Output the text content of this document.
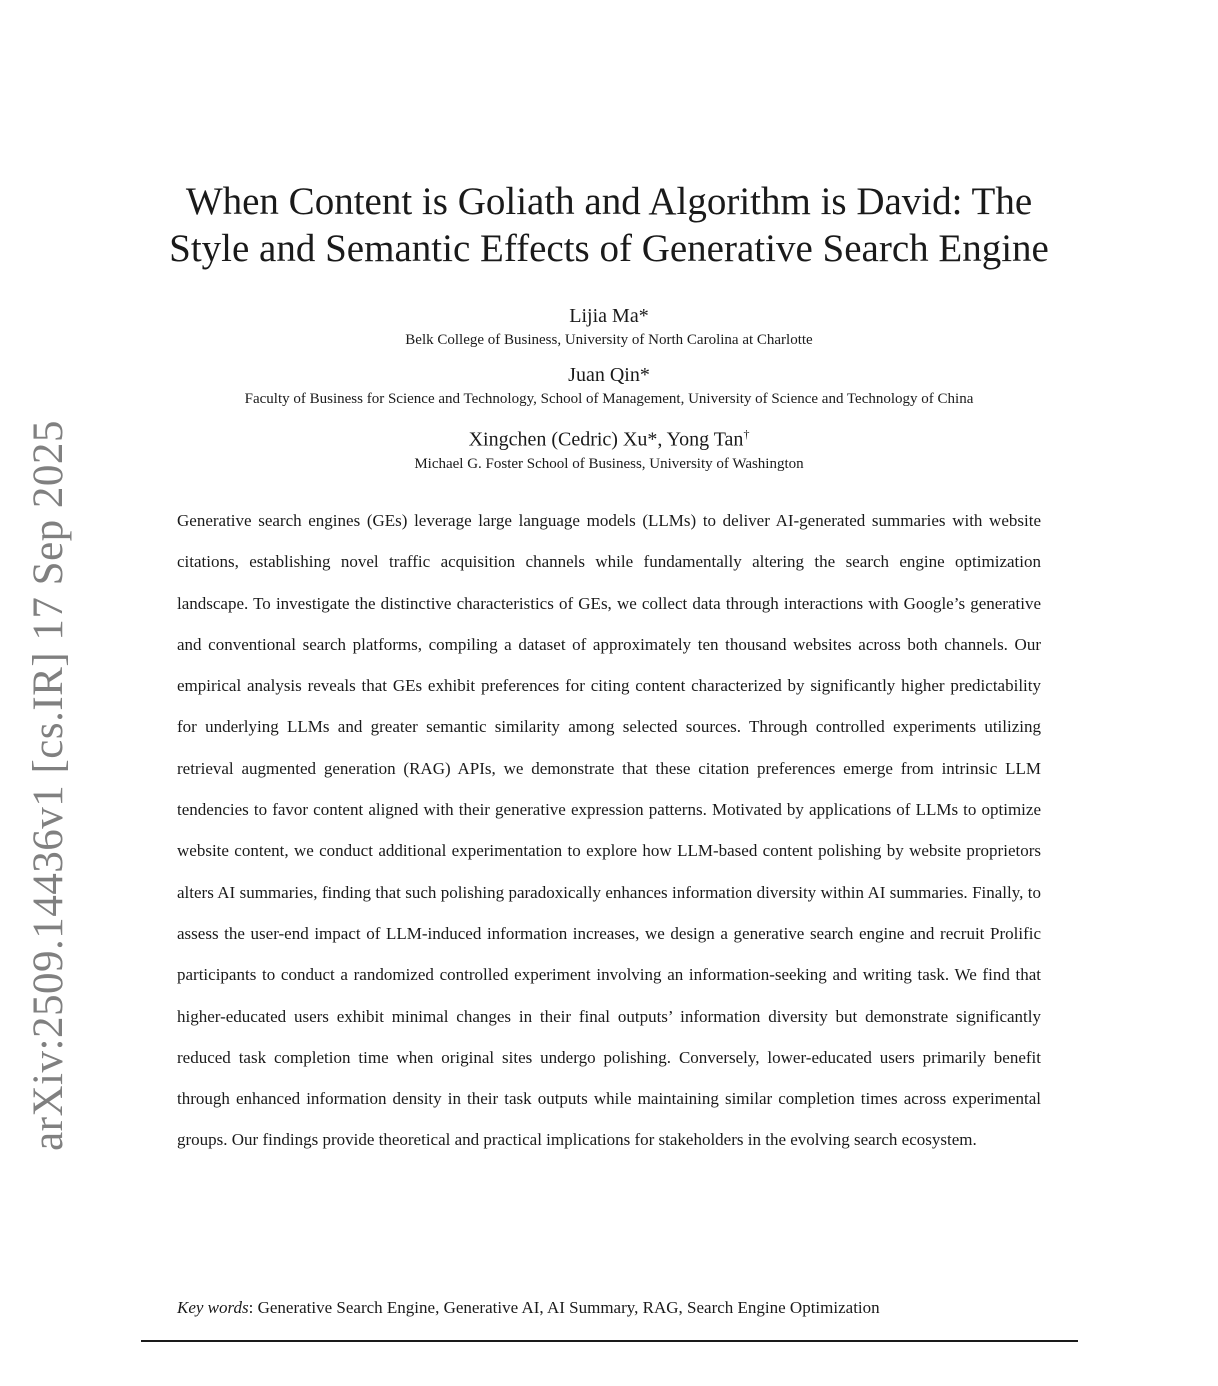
arXiv:2509.14436v1 [cs.IR] 17 Sep 2025
When Content is Goliath and Algorithm is David: The
Style and Semantic Effects of Generative Search Engine
Lijia Ma*
Belk College of Business, University of North Carolina at Charlotte
Juan Qin*
Faculty of Business for Science and Technology, School of Management, University of Science and Technology of China
Xingchen (Cedric) Xu*, Yong Tan†
Michael G. Foster School of Business, University of Washington

Generative search engines (GEs) leverage large language models (LLMs) to deliver AI-generated summaries with website citations, establishing novel traffic acquisition channels while fundamentally altering the search engine optimization landscape. To investigate the distinctive characteristics of GEs, we collect data through interactions with Google’s generative and conventional search platforms, compiling a dataset of approximately ten thousand websites across both channels. Our empirical analysis reveals that GEs exhibit preferences for citing content characterized by significantly higher predictability for underlying LLMs and greater semantic similarity among selected sources. Through controlled experiments utilizing retrieval augmented generation (RAG) APIs, we demonstrate that these citation preferences emerge from intrinsic LLM tendencies to favor content aligned with their generative expression patterns. Motivated by applications of LLMs to optimize website content, we conduct additional experimentation to explore how LLM-based content polishing by website proprietors alters AI summaries, finding that such polishing paradoxically enhances information diversity within AI summaries. Finally, to assess the user-end impact of LLM-induced information increases, we design a generative search engine and recruit Prolific participants to conduct a randomized controlled experiment involving an information-seeking and writing task. We find that higher-educated users exhibit minimal changes in their final outputs’ information diversity but demonstrate significantly reduced task completion time when original sites undergo polishing. Conversely, lower-educated users primarily benefit through enhanced information density in their task outputs while maintaining similar completion times across experimental groups. Our findings provide theoretical and practical implications for stakeholders in the evolving search ecosystem.

Key words: Generative Search Engine, Generative AI, AI Summary, RAG, Search Engine Optimization
